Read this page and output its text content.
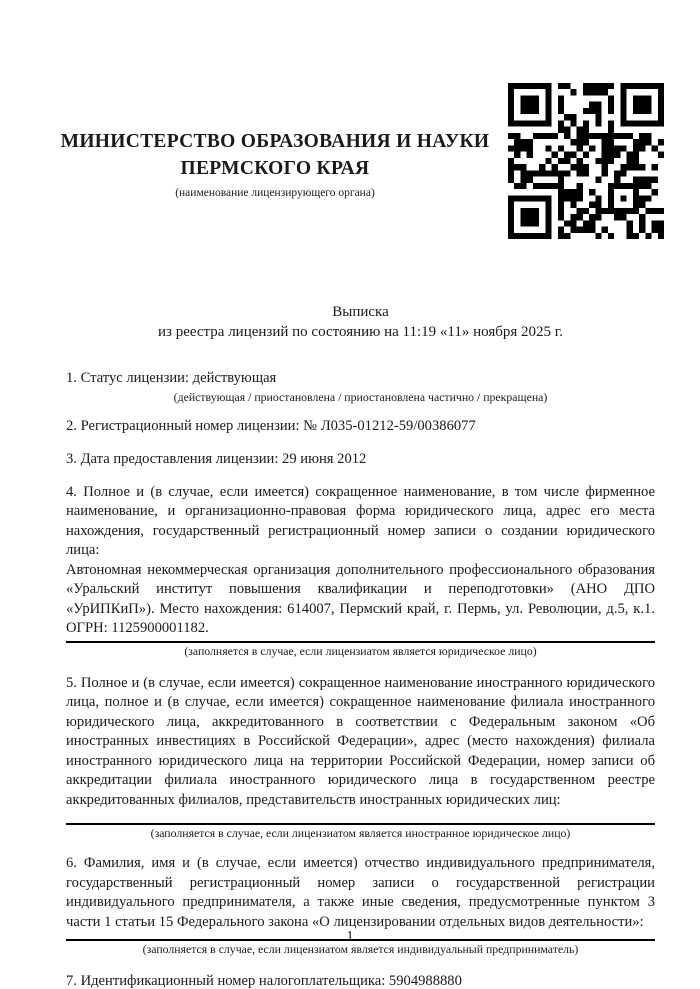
МИНИСТЕРСТВО ОБРАЗОВАНИЯ И НАУКИ
ПЕРМСКОГО КРАЯ
(наименование лицензирующего органа)
Выписка
из реестра лицензий по состоянию на 11:19 «11» ноября 2025 г.

1. Статус лицензии: действующая

(действующая / приостановлена / приостановлена частично / прекращена)

2. Регистрационный номер лицензии: № Л035-01212-59/00386077

3. Дата предоставления лицензии: 29 июня 2012

4. Полное и (в случае, если имеется) сокращенное наименование, в том числе фирменное наименование, и организационно-правовая форма юридического лица, адрес его места нахождения, государственный регистрационный номер записи о создании юридического лица:

Автономная некоммерческая организация дополнительного профессионального образования «Уральский институт повышения квалификации и переподготовки» (АНО ДПО «УрИПКиП»). Место нахождения: 614007, Пермский край, г. Пермь, ул. Революции, д.5, к.1. ОГРН: 1125900001182.

(заполняется в случае, если лицензиатом является юридическое лицо)

5. Полное и (в случае, если имеется) сокращенное наименование иностранного юридического лица, полное и (в случае, если имеется) сокращенное наименование филиала иностранного юридического лица, аккредитованного в соответствии с Федеральным законом «Об иностранных инвестициях в Российской Федерации», адрес (место нахождения) филиала иностранного юридического лица на территории Российской Федерации, номер записи об аккредитации филиала иностранного юридического лица в государственном реестре аккредитованных филиалов, представительств иностранных юридических лиц:

(заполняется в случае, если лицензиатом является иностранное юридическое лицо)

6. Фамилия, имя и (в случае, если имеется) отчество индивидуального предпринимателя, государственный регистрационный номер записи о государственной регистрации индивидуального предпринимателя, а также иные сведения, предусмотренные пунктом 3 части 1 статьи 15 Федерального закона «О лицензировании отдельных видов деятельности»:

(заполняется в случае, если лицензиатом является индивидуальный предприниматель)

7. Идентификационный номер налогоплательщика: 5904988880

1
